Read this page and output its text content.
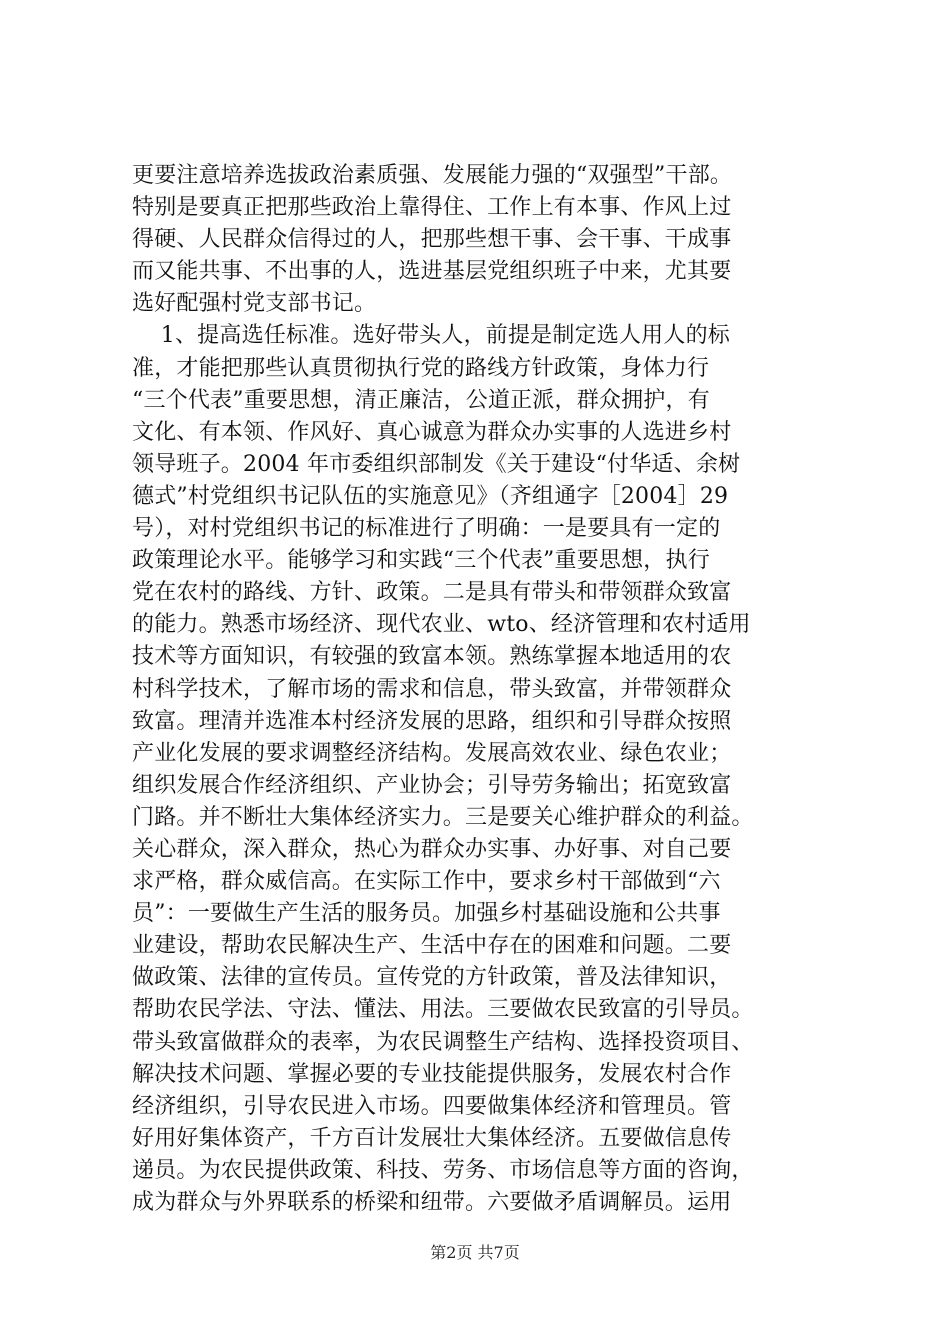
更要注意培养选拔政治素质强、发展能力强的“双强型”干部。
特别是要真正把那些政治上靠得住、工作上有本事、作风上过
得硬、人民群众信得过的人，把那些想干事、会干事、干成事
而又能共事、不出事的人，选进基层党组织班子中来，尤其要
选好配强村党支部书记。
1、提高选任标准。选好带头人，前提是制定选人用人的标
准，才能把那些认真贯彻执行党的路线方针政策，身体力行
“三个代表”重要思想，清正廉洁，公道正派，群众拥护，有
文化、有本领、作风好、真心诚意为群众办实事的人选进乡村
领导班子。2004 年市委组织部制发《关于建设“付华适、余树
德式”村党组织书记队伍的实施意见》（齐组通字［2004］29
号），对村党组织书记的标准进行了明确：一是要具有一定的
政策理论水平。能够学习和实践“三个代表”重要思想，执行
党在农村的路线、方针、政策。二是具有带头和带领群众致富
的能力。熟悉市场经济、现代农业、wto、经济管理和农村适用
技术等方面知识，有较强的致富本领。熟练掌握本地适用的农
村科学技术，了解市场的需求和信息，带头致富，并带领群众
致富。理清并选准本村经济发展的思路，组织和引导群众按照
产业化发展的要求调整经济结构。发展高效农业、绿色农业；
组织发展合作经济组织、产业协会；引导劳务输出；拓宽致富
门路。并不断壮大集体经济实力。三是要关心维护群众的利益。
关心群众，深入群众，热心为群众办实事、办好事、对自己要
求严格，群众威信高。在实际工作中，要求乡村干部做到“六
员”：一要做生产生活的服务员。加强乡村基础设施和公共事
业建设，帮助农民解决生产、生活中存在的困难和问题。二要
做政策、法律的宣传员。宣传党的方针政策，普及法律知识，
帮助农民学法、守法、懂法、用法。三要做农民致富的引导员。
带头致富做群众的表率，为农民调整生产结构、选择投资项目、
解决技术问题、掌握必要的专业技能提供服务，发展农村合作
经济组织，引导农民进入市场。四要做集体经济和管理员。管
好用好集体资产，千方百计发展壮大集体经济。五要做信息传
递员。为农民提供政策、科技、劳务、市场信息等方面的咨询，
成为群众与外界联系的桥梁和纽带。六要做矛盾调解员。运用
第2页 共7页
